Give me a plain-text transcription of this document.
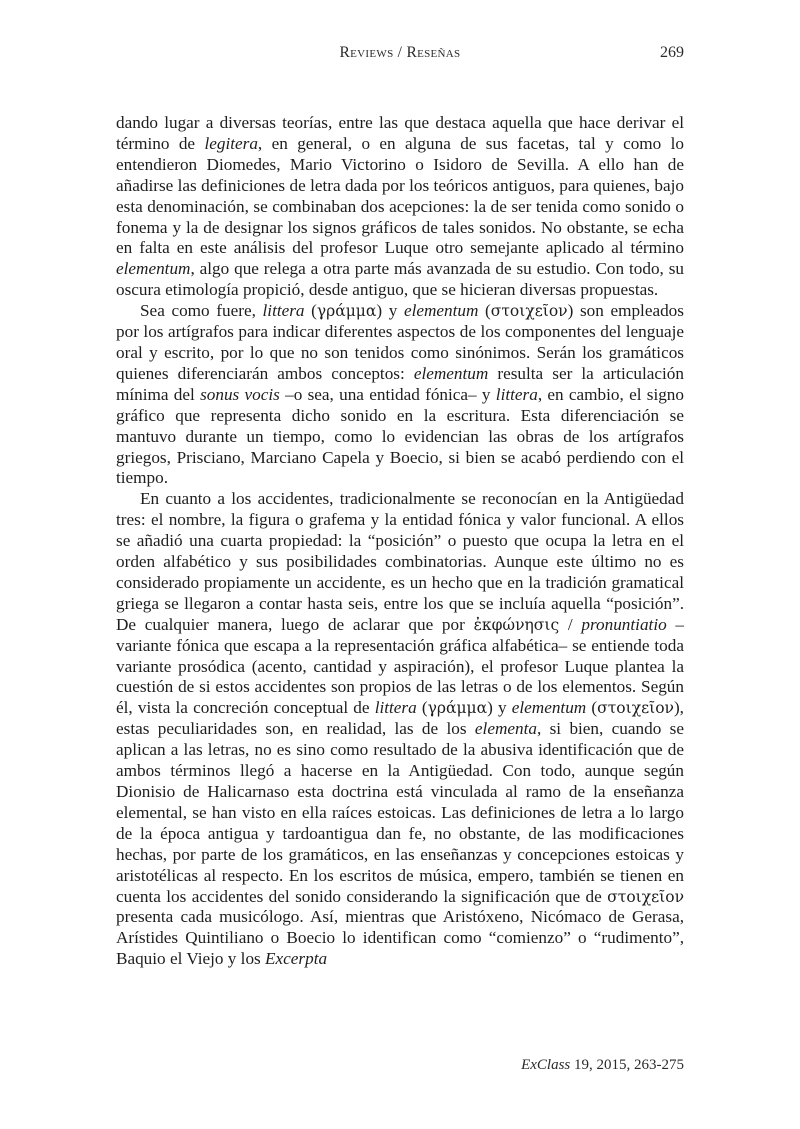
Reviews / Reseñas	269

dando lugar a diversas teorías, entre las que destaca aquella que hace derivar el término de legitera, en general, o en alguna de sus facetas, tal y como lo entendieron Diomedes, Mario Victorino o Isidoro de Sevilla. A ello han de añadirse las definiciones de letra dada por los teóricos antiguos, para quienes, bajo esta denominación, se combinaban dos acepciones: la de ser tenida como sonido o fonema y la de designar los signos gráficos de tales sonidos. No obstante, se echa en falta en este análisis del profesor Luque otro semejante aplicado al término elementum, algo que relega a otra parte más avanzada de su estudio. Con todo, su oscura etimología propició, desde antiguo, que se hicieran diversas propuestas.

Sea como fuere, littera (γράμμα) y elementum (στοιχεῖον) son empleados por los artígrafos para indicar diferentes aspectos de los componentes del lenguaje oral y escrito, por lo que no son tenidos como sinónimos. Serán los gramáticos quienes diferenciarán ambos conceptos: elementum resulta ser la articulación mínima del sonus vocis –o sea, una entidad fónica– y littera, en cambio, el signo gráfico que representa dicho sonido en la escritura. Esta diferenciación se mantuvo durante un tiempo, como lo evidencian las obras de los artígrafos griegos, Prisciano, Marciano Capela y Boecio, si bien se acabó perdiendo con el tiempo.

En cuanto a los accidentes, tradicionalmente se reconocían en la Antigüedad tres: el nombre, la figura o grafema y la entidad fónica y valor funcional. A ellos se añadió una cuarta propiedad: la “posición” o puesto que ocupa la letra en el orden alfabético y sus posibilidades combinatorias. Aunque este último no es considerado propiamente un accidente, es un hecho que en la tradición gramatical griega se llegaron a contar hasta seis, entre los que se incluía aquella “posición”. De cualquier manera, luego de aclarar que por ἐκφώνησις / pronuntiatio –variante fónica que escapa a la representación gráfica alfabética– se entiende toda variante prosódica (acento, cantidad y aspiración), el profesor Luque plantea la cuestión de si estos accidentes son propios de las letras o de los elementos. Según él, vista la concreción conceptual de littera (γράμμα) y elementum (στοιχεῖον), estas peculiaridades son, en realidad, las de los elementa, si bien, cuando se aplican a las letras, no es sino como resultado de la abusiva identificación que de ambos términos llegó a hacerse en la Antigüedad. Con todo, aunque según Dionisio de Halicarnaso esta doctrina está vinculada al ramo de la enseñanza elemental, se han visto en ella raíces estoicas. Las definiciones de letra a lo largo de la época antigua y tardoantigua dan fe, no obstante, de las modificaciones hechas, por parte de los gramáticos, en las enseñanzas y concepciones estoicas y aristotélicas al respecto. En los escritos de música, empero, también se tienen en cuenta los accidentes del sonido considerando la significación que de στοιχεῖον presenta cada musicólogo. Así, mientras que Aristóxeno, Nicómaco de Gerasa, Arístides Quintiliano o Boecio lo identifican como “comienzo” o “rudimento”, Baquio el Viejo y los Excerpta

ExClass 19, 2015, 263-275
